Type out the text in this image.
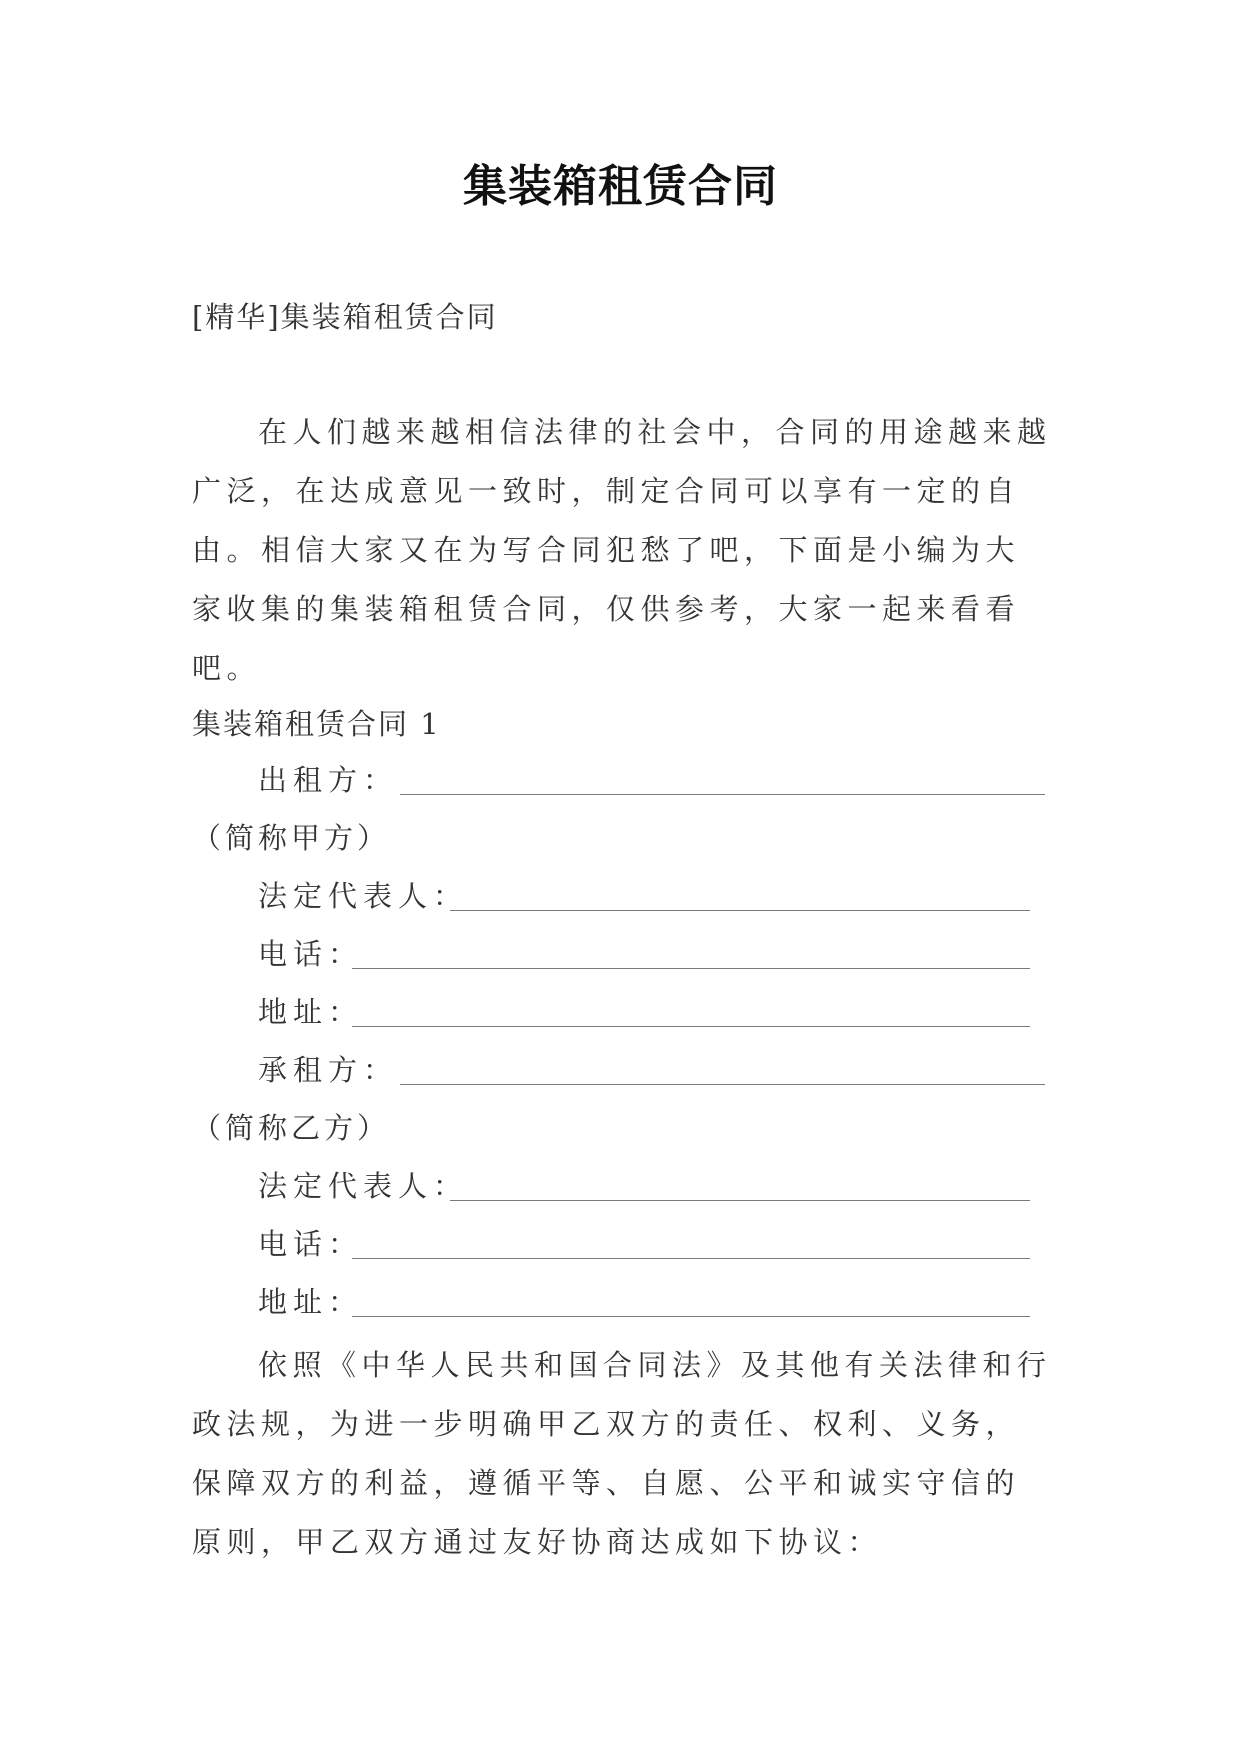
集装箱租赁合同
[精华]集装箱租赁合同

在人们越来越相信法律的社会中，合同的用途越来越广泛，在达成意见一致时，制定合同可以享有一定的自由。相信大家又在为写合同犯愁了吧，下面是小编为大家收集的集装箱租赁合同，仅供参考，大家一起来看看吧。

集装箱租赁合同 1
出租方：
（简称甲方）
法定代表人：
电话：
地址：
承租方：
（简称乙方）
法定代表人：
电话：
地址：

依照《中华人民共和国合同法》及其他有关法律和行政法规，为进一步明确甲乙双方的责任、权利、义务，保障双方的利益，遵循平等、自愿、公平和诚实守信的原则，甲乙双方通过友好协商达成如下协议：
